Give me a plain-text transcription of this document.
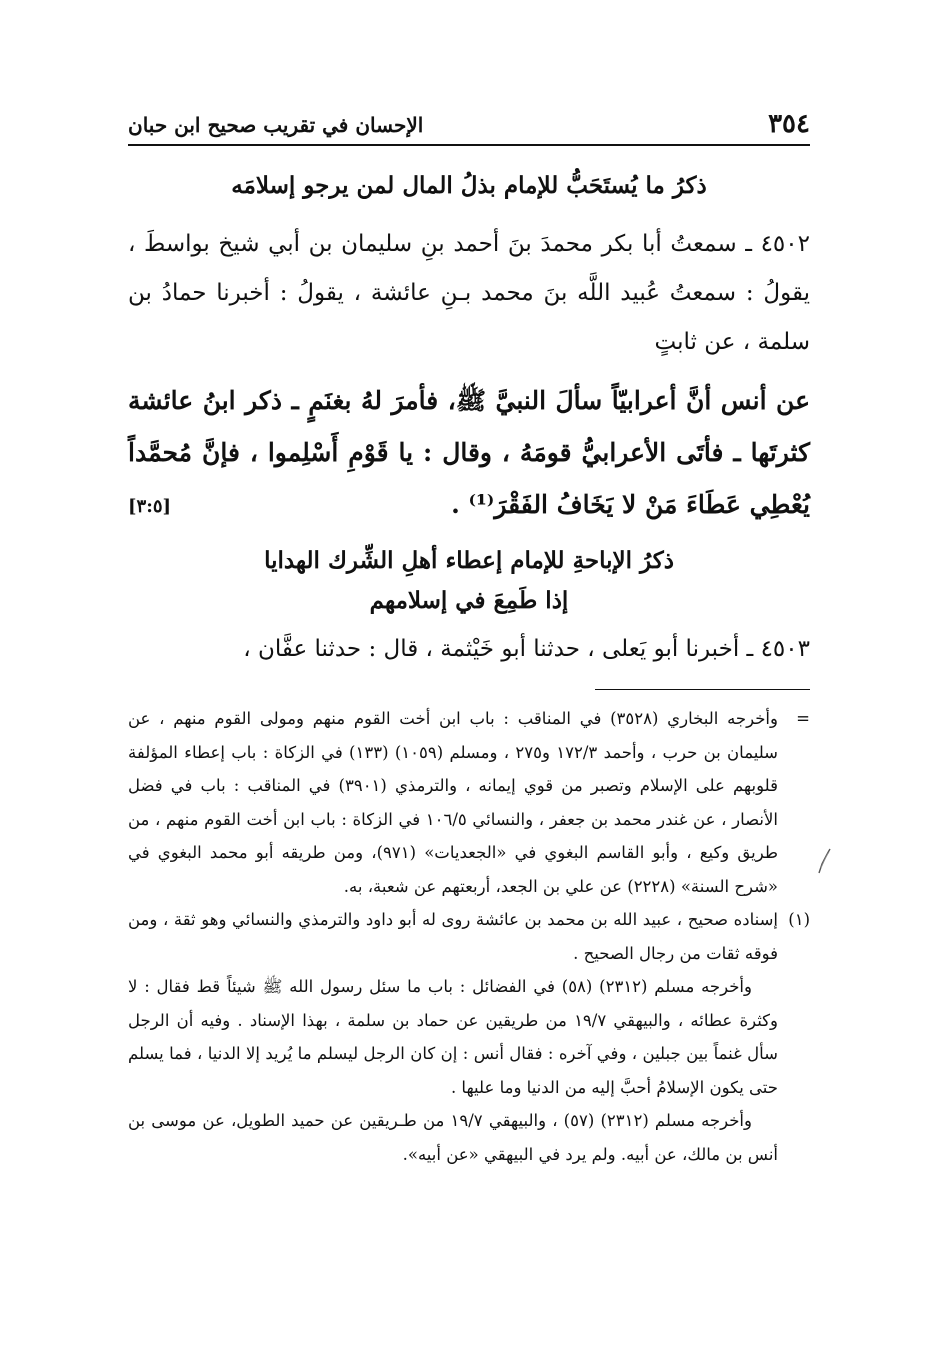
٣٥٤
الإحسان في تقريب صحيح ابن حبان

ذكرُ ما يُستَحَبُّ للإمام بذلُ المال لمن يرجو إسلامَه

٤٥٠٢ ـ سمعتُ أبا بكر محمدَ بنَ أحمد بنِ سليمان بن أبي شيخ بواسطَ ، يقولُ : سمعتُ عُبيد اللَّه بنَ محمد بـنِ عائشة ، يقولُ : أخبرنا حمادُ بن سلمة ، عن ثابتٍ

عن أنس أنَّ أعرابيّاً سألَ النبيَّ ﷺ، فأمرَ لهُ بغنَمٍ ـ ذكر ابنُ عائشة كثرتَها ـ فأتَى الأعرابيُّ قومَهُ ، وقال : يا قَوْمِ أَسْلِموا ، فإنَّ مُحمَّداً يُعْطِي عَطَاءَ مَنْ لا يَخَافُ الفَقْرَ⁽¹⁾ .
[٣:٥]

ذكرُ الإباحةِ للإمام إعطاء أهلِ الشِّرك الهدايا

إذا طَمِعَ في إسلامهم

٤٥٠٣ ـ أخبرنا أبو يَعلى ، حدثنا أبو خَيْثمة ، قال : حدثنا عفَّان ،

=
وأخرجه البخاري (٣٥٢٨) في المناقب : باب ابن أخت القوم منهم ومولى القوم منهم ، عن سليمان بن حرب ، وأحمد ١٧٢/٣ و٢٧٥ ، ومسلم (١٠٥٩) (١٣٣) في الزكاة : باب إعطاء المؤلفة قلوبهم على الإسلام وتصبر من قوي إيمانه ، والترمذي (٣٩٠١) في المناقب : باب في فضل الأنصار ، عن غندر محمد بن جعفر ، والنسائي ١٠٦/٥ في الزكاة : باب ابن أخت القوم منهم ، من طريق وكيع ، وأبو القاسم البغوي في «الجعديات» (٩٧١)، ومن طريقه أبو محمد البغوي في «شرح السنة» (٢٢٢٨) عن علي بن الجعد، أربعتهم عن شعبة، به.

(١)
إسناده صحيح ، عبيد الله بن محمد بن عائشة روى له أبو داود والترمذي والنسائي وهو ثقة ، ومن فوقه ثقات من رجال الصحيح .

وأخرجه مسلم (٢٣١٢) (٥٨) في الفضائل : باب ما سئل رسول الله ﷺ شيئاً قط فقال : لا وكثرة عطائه ، والبيهقي ١٩/٧ من طريقين عن حماد بن سلمة ، بهذا الإسناد . وفيه أن الرجل سأل غنماً بين جبلين ، وفي آخره : فقال أنس : إن كان الرجل ليسلم ما يُريد إلا الدنيا ، فما يسلم حتى يكون الإسلامُ أحبَّ إليه من الدنيا وما عليها .

وأخرجه مسلم (٢٣١٢) (٥٧) ، والبيهقي ١٩/٧ من طـريقين عن حميد الطويل، عن موسى بن أنس بن مالك، عن أبيه. ولم يرد في البيهقي «عن أبيه».
